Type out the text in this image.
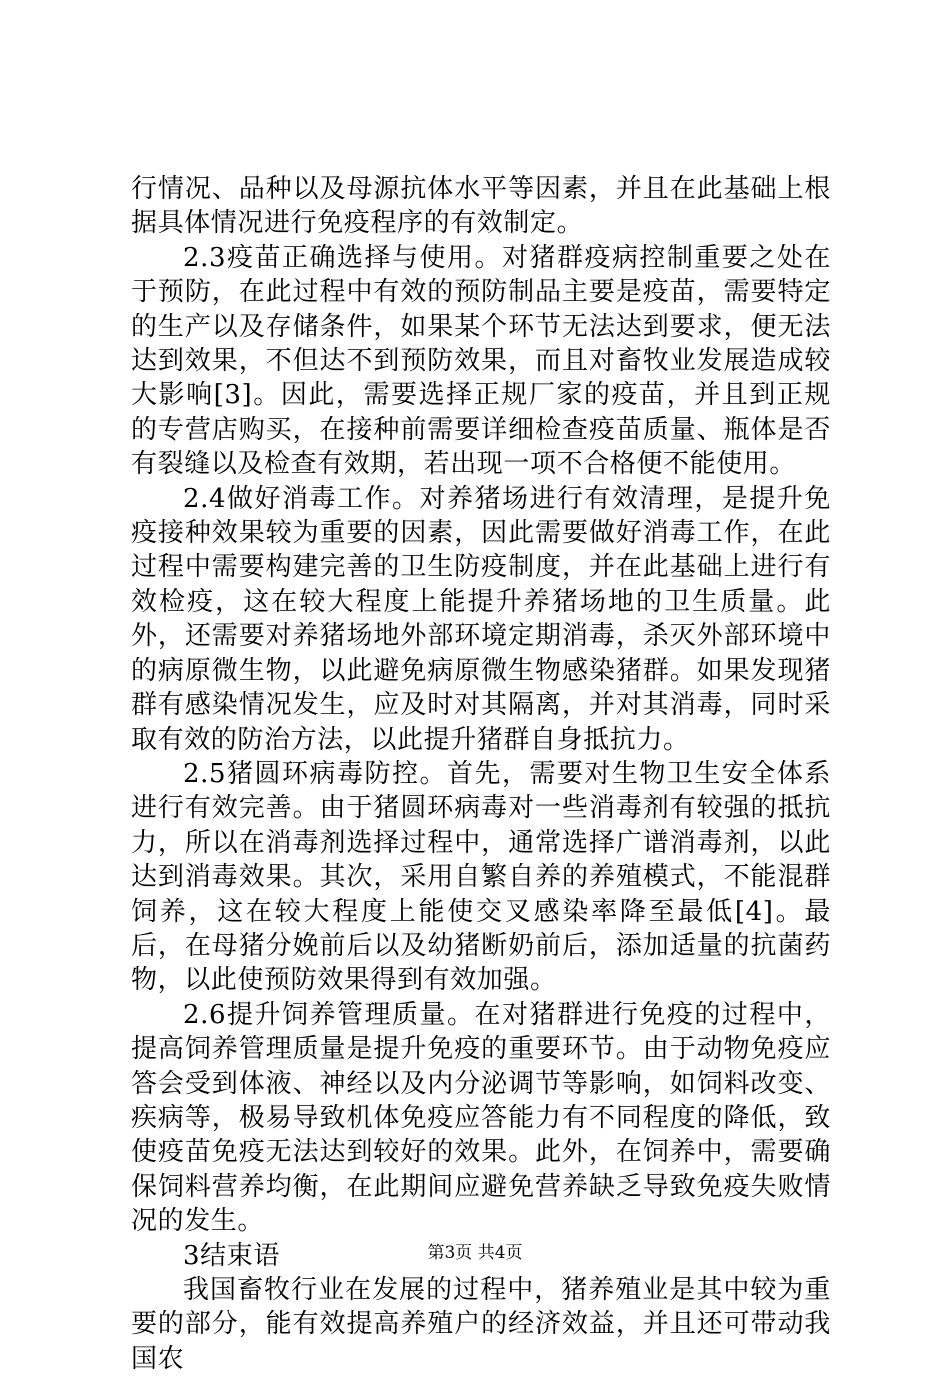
行情况、品种以及母源抗体水平等因素，并且在此基础上根据具体情况进行免疫程序的有效制定。

2.3疫苗正确选择与使用。对猪群疫病控制重要之处在于预防，在此过程中有效的预防制品主要是疫苗，需要特定的生产以及存储条件，如果某个环节无法达到要求，便无法达到效果，不但达不到预防效果，而且对畜牧业发展造成较大影响[3]。因此，需要选择正规厂家的疫苗，并且到正规的专营店购买，在接种前需要详细检查疫苗质量、瓶体是否有裂缝以及检查有效期，若出现一项不合格便不能使用。

2.4做好消毒工作。对养猪场进行有效清理，是提升免疫接种效果较为重要的因素，因此需要做好消毒工作，在此过程中需要构建完善的卫生防疫制度，并在此基础上进行有效检疫，这在较大程度上能提升养猪场地的卫生质量。此外，还需要对养猪场地外部环境定期消毒，杀灭外部环境中的病原微生物，以此避免病原微生物感染猪群。如果发现猪群有感染情况发生，应及时对其隔离，并对其消毒，同时采取有效的防治方法，以此提升猪群自身抵抗力。

2.5猪圆环病毒防控。首先，需要对生物卫生安全体系进行有效完善。由于猪圆环病毒对一些消毒剂有较强的抵抗力，所以在消毒剂选择过程中，通常选择广谱消毒剂，以此达到消毒效果。其次，采用自繁自养的养殖模式，不能混群饲养，这在较大程度上能使交叉感染率降至最低[4]。最后，在母猪分娩前后以及幼猪断奶前后，添加适量的抗菌药物，以此使预防效果得到有效加强。

2.6提升饲养管理质量。在对猪群进行免疫的过程中，提高饲养管理质量是提升免疫的重要环节。由于动物免疫应答会受到体液、神经以及内分泌调节等影响，如饲料改变、疾病等，极易导致机体免疫应答能力有不同程度的降低，致使疫苗免疫无法达到较好的效果。此外，在饲养中，需要确保饲料营养均衡，在此期间应避免营养缺乏导致免疫失败情况的发生。

3结束语

我国畜牧行业在发展的过程中，猪养殖业是其中较为重要的部分，能有效提高养殖户的经济效益，并且还可带动我国农

第3页 共4页
